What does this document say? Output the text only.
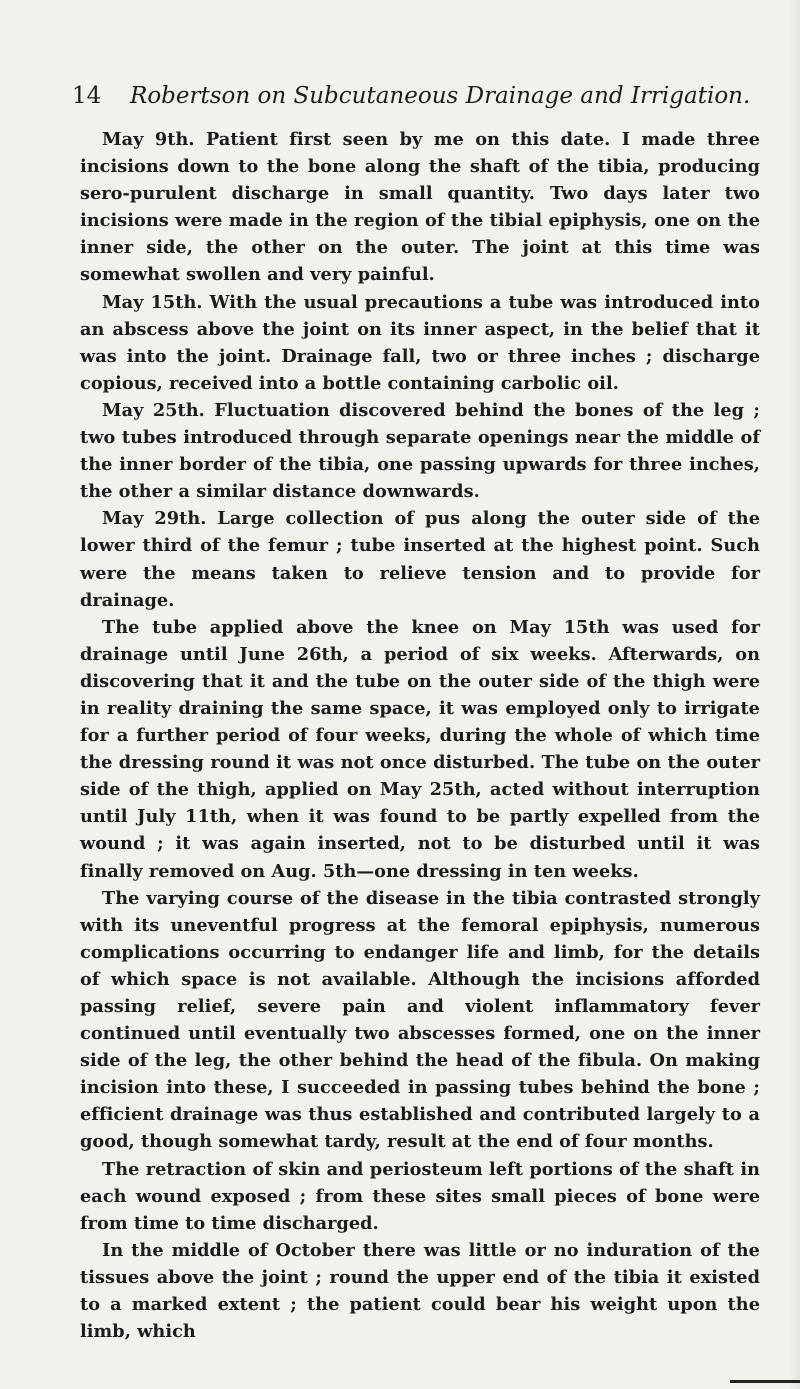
14 Robertson on Subcutaneous Drainage and Irrigation.

May 9th. Patient first seen by me on this date. I made three incisions down to the bone along the shaft of the tibia, producing sero-purulent discharge in small quantity. Two days later two incisions were made in the region of the tibial epiphysis, one on the inner side, the other on the outer. The joint at this time was somewhat swollen and very painful.

May 15th. With the usual precautions a tube was introduced into an abscess above the joint on its inner aspect, in the belief that it was into the joint. Drainage fall, two or three inches ; discharge copious, received into a bottle containing carbolic oil.

May 25th. Fluctuation discovered behind the bones of the leg ; two tubes introduced through separate openings near the middle of the inner border of the tibia, one passing upwards for three inches, the other a similar distance downwards.

May 29th. Large collection of pus along the outer side of the lower third of the femur ; tube inserted at the highest point. Such were the means taken to relieve tension and to provide for drainage.

The tube applied above the knee on May 15th was used for drainage until June 26th, a period of six weeks. Afterwards, on discovering that it and the tube on the outer side of the thigh were in reality draining the same space, it was employed only to irrigate for a further period of four weeks, during the whole of which time the dressing round it was not once disturbed. The tube on the outer side of the thigh, applied on May 25th, acted without interruption until July 11th, when it was found to be partly expelled from the wound ; it was again inserted, not to be disturbed until it was finally removed on Aug. 5th—one dressing in ten weeks.

The varying course of the disease in the tibia contrasted strongly with its uneventful progress at the femoral epiphysis, numerous complications occurring to endanger life and limb, for the details of which space is not available. Although the incisions afforded passing relief, severe pain and violent inflammatory fever continued until eventually two abscesses formed, one on the inner side of the leg, the other behind the head of the fibula. On making incision into these, I succeeded in passing tubes behind the bone ; efficient drainage was thus established and contributed largely to a good, though somewhat tardy, result at the end of four months.

The retraction of skin and periosteum left portions of the shaft in each wound exposed ; from these sites small pieces of bone were from time to time discharged.

In the middle of October there was little or no induration of the tissues above the joint ; round the upper end of the tibia it existed to a marked extent ; the patient could bear his weight upon the limb, which
